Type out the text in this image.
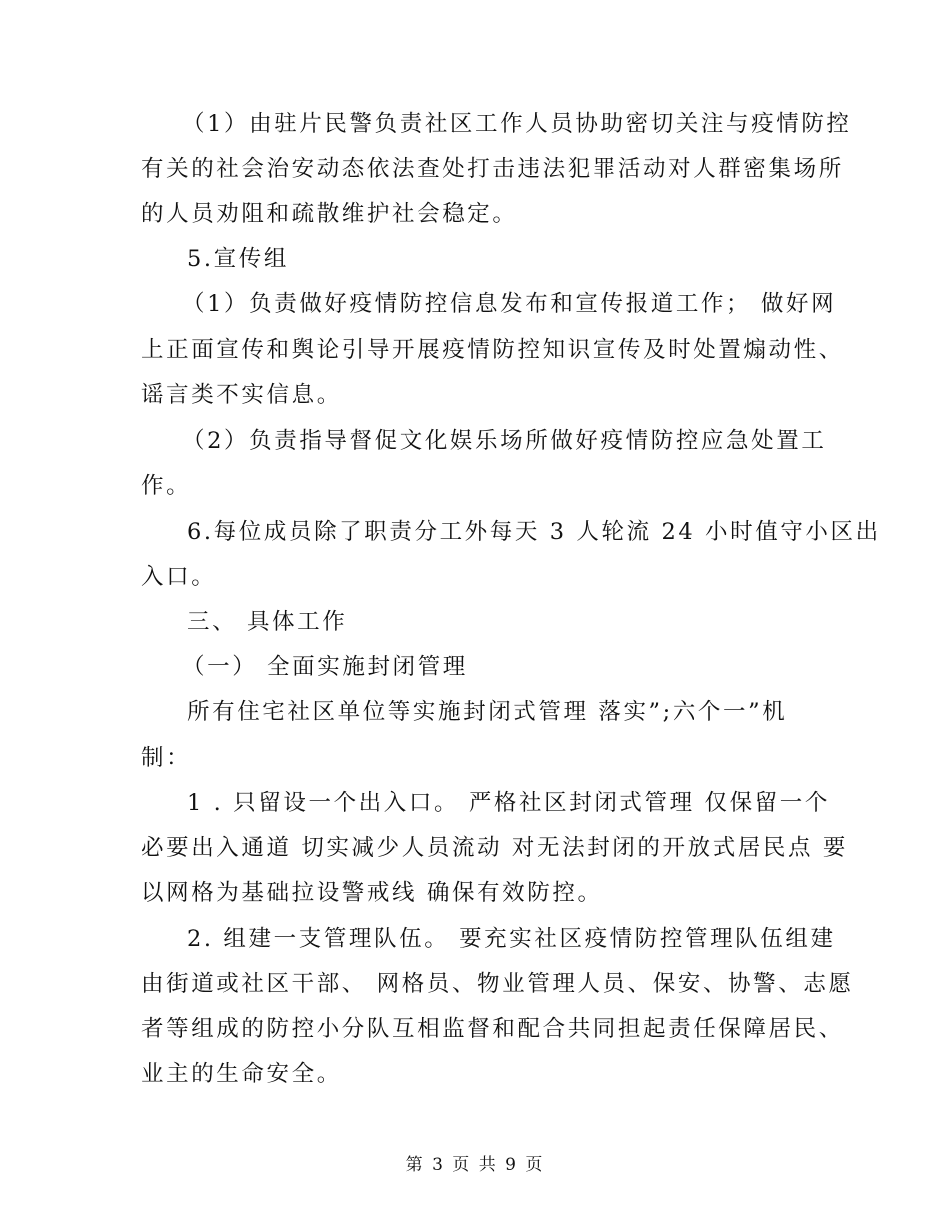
（1）由驻片民警负责社区工作人员协助密切关注与疫情防控
有关的社会治安动态依法查处打击违法犯罪活动对人群密集场所
的人员劝阻和疏散维护社会稳定。
5.宣传组
（1）负责做好疫情防控信息发布和宣传报道工作； 做好网
上正面宣传和舆论引导开展疫情防控知识宣传及时处置煽动性、
谣言类不实信息。
（2）负责指导督促文化娱乐场所做好疫情防控应急处置工
作。
6.每位成员除了职责分工外每天 3 人轮流 24 小时值守小区出
入口。
三、 具体工作
（一） 全面实施封闭管理
所有住宅社区单位等实施封闭式管理 落实”;六个一”机
制：
1 . 只留设一个出入口。 严格社区封闭式管理 仅保留一个
必要出入通道 切实减少人员流动 对无法封闭的开放式居民点 要
以网格为基础拉设警戒线 确保有效防控。
2. 组建一支管理队伍。 要充实社区疫情防控管理队伍组建
由街道或社区干部、 网格员、物业管理人员、保安、协警、志愿
者等组成的防控小分队互相监督和配合共同担起责任保障居民、
业主的生命安全。
第 3 页 共 9 页
